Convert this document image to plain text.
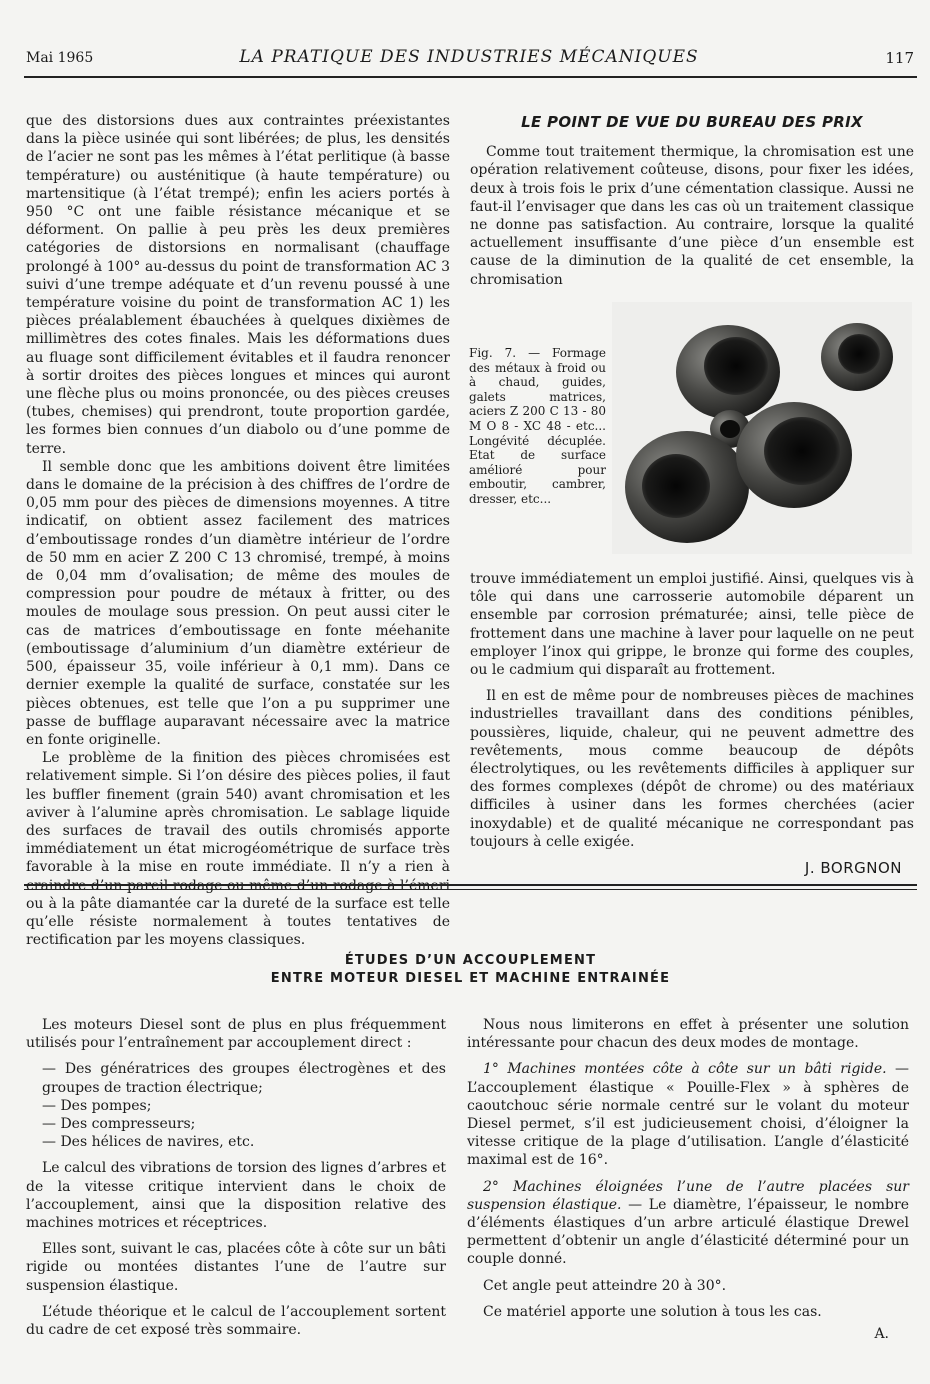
Mai 1965	LA PRATIQUE DES INDUSTRIES MÉCANIQUES	117

que des distorsions dues aux contraintes préexistantes dans la pièce usinée qui sont libérées; de plus, les densités de l’acier ne sont pas les mêmes à l’état perlitique (à basse température) ou austénitique (à haute température) ou martensitique (à l’état trempé); enfin les aciers portés à 950 °C ont une faible résistance mécanique et se déforment. On pallie à peu près les deux premières catégories de distorsions en normalisant (chauffage prolongé à 100° au-dessus du point de transformation AC 3 suivi d’une trempe adéquate et d’un revenu poussé à une température voisine du point de transformation AC 1) les pièces préalablement ébauchées à quelques dixièmes de millimètres des cotes finales. Mais les déformations dues au fluage sont difficilement évitables et il faudra renoncer à sortir droites des pièces longues et minces qui auront une flèche plus ou moins prononcée, ou des pièces creuses (tubes, chemises) qui prendront, toute proportion gardée, les formes bien connues d’un diabolo ou d’une pomme de terre.

Il semble donc que les ambitions doivent être limitées dans le domaine de la précision à des chiffres de l’ordre de 0,05 mm pour des pièces de dimensions moyennes. A titre indicatif, on obtient assez facilement des matrices d’emboutissage rondes d’un diamètre intérieur de l’ordre de 50 mm en acier Z 200 C 13 chromisé, trempé, à moins de 0,04 mm d’ovalisation; de même des moules de compression pour poudre de métaux à fritter, ou des moules de moulage sous pression. On peut aussi citer le cas de matrices d’emboutissage en fonte méehanite (emboutissage d’aluminium d’un diamètre extérieur de 500, épaisseur 35, voile inférieur à 0,1 mm). Dans ce dernier exemple la qualité de surface, constatée sur les pièces obtenues, est telle que l’on a pu supprimer une passe de bufflage auparavant nécessaire avec la matrice en fonte originelle.

Le problème de la finition des pièces chromisées est relativement simple. Si l’on désire des pièces polies, il faut les buffler finement (grain 540) avant chromisation et les aviver à l’alumine après chromisation. Le sablage liquide des surfaces de travail des outils chromisés apporte immédiatement un état microgéométrique de surface très favorable à la mise en route immédiate. Il n’y a rien à ou à la pâte diamantée car la dureté de la surface est telle qu’elle résiste normalement à toutes tentatives de rectification par les moyens classiques.

LE POINT DE VUE DU BUREAU DES PRIX

Comme tout traitement thermique, la chromisation est une opération relativement coûteuse, disons, pour fixer les idées, deux à trois fois le prix d’une cémentation classique. Aussi ne faut-il l’envisager que dans les cas où un traitement classique ne donne pas satisfaction. Au contraire, lorsque la qualité actuellement insuffisante d’une pièce d’un ensemble est cause de la diminution de la qualité de cet ensemble, la chromisation

Fig. 7. — Formage des métaux à froid ou à chaud, guides, galets matrices, aciers Z 200 C 13 - 80 M O 8 - XC 48 - etc... Longévité décuplée. Etat de surface amélioré pour emboutir, cambrer, dresser, etc...

trouve immédiatement un emploi justifié. Ainsi, quelques vis à tôle qui dans une carrosserie automobile déparent un ensemble par corrosion prématurée; ainsi, telle pièce de frottement dans une machine à laver pour laquelle on ne peut employer l’inox qui grippe, le bronze qui forme des couples, ou le cadmium qui disparaît au frottement.

Il en est de même pour de nombreuses pièces de machines industrielles travaillant dans des conditions pénibles, poussières, liquide, chaleur, qui ne peuvent admettre des revêtements, mous comme beaucoup de dépôts électrolytiques, ou les revêtements difficiles à appliquer sur des formes complexes (dépôt de chrome) ou des matériaux difficiles à usiner dans les formes cherchées (acier inoxydable) et de qualité mécanique ne correspondant pas toujours à celle exigée.

J. BORGNON
ÉTUDES D’UN ACCOUPLEMENT
ENTRE MOTEUR DIESEL ET MACHINE ENTRAINÉE

Les moteurs Diesel sont de plus en plus fréquemment utilisés pour l’entraînement par accouplement direct :

— Des génératrices des groupes électrogènes et des groupes de traction électrique;

— Des pompes;

— Des compresseurs;

— Des hélices de navires, etc.

Le calcul des vibrations de torsion des lignes d’arbres et de la vitesse critique intervient dans le choix de l’accouplement, ainsi que la disposition relative des machines motrices et réceptrices.

Elles sont, suivant le cas, placées côte à côte sur un bâti rigide ou montées distantes l’une de l’autre sur suspension élastique.

L’étude théorique et le calcul de l’accouplement sortent du cadre de cet exposé très sommaire.

Nous nous limiterons en effet à présenter une solution intéressante pour chacun des deux modes de montage.

1° Machines montées côte à côte sur un bâti rigide. — L’accouplement élastique « Pouille-Flex » à sphères de caoutchouc série normale centré sur le volant du moteur Diesel permet, s’il est judicieusement choisi, d’éloigner la vitesse critique de la plage d’utilisation. L’angle d’élasticité maximal est de 16°.

2° Machines éloignées l’une de l’autre placées sur suspension élastique. — Le diamètre, l’épaisseur, le nombre d’éléments élastiques d’un arbre articulé élastique Drewel permettent d’obtenir un angle d’élasticité déterminé pour un couple donné.

Cet angle peut atteindre 20 à 30°.

Ce matériel apporte une solution à tous les cas.

A.
